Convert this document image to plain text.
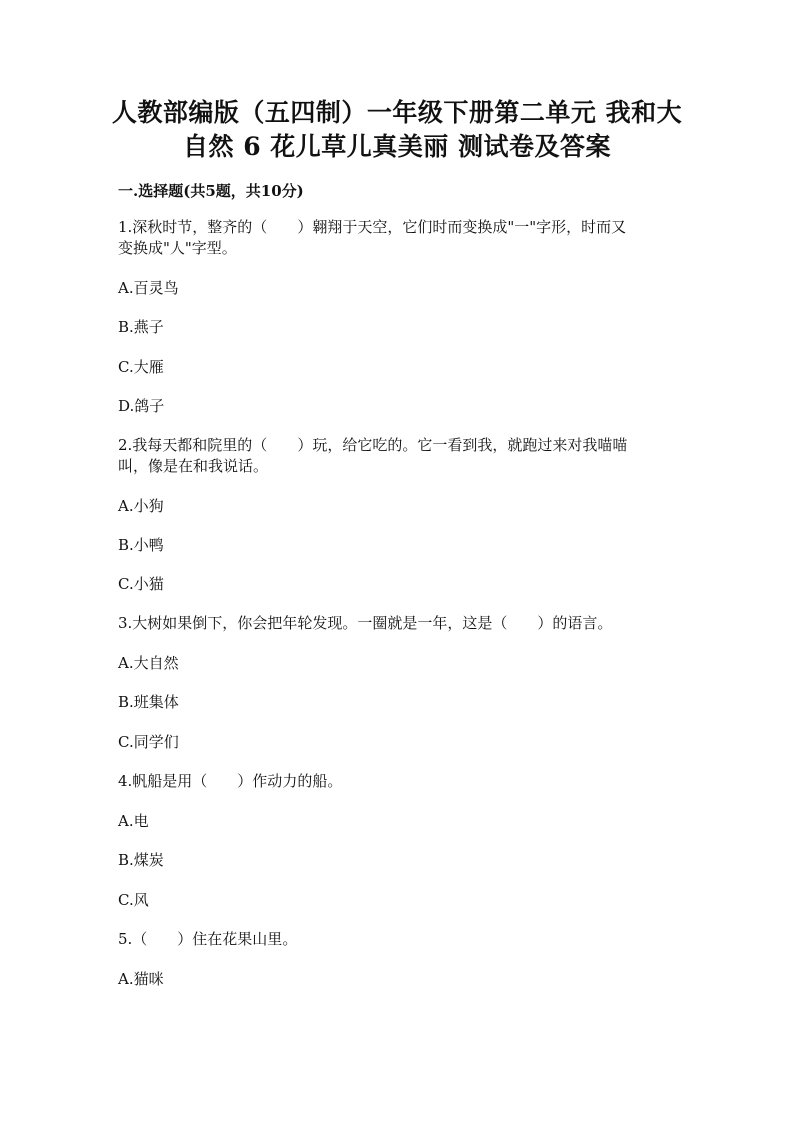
人教部编版（五四制）一年级下册第二单元 我和大
自然 6 花儿草儿真美丽 测试卷及答案
一.选择题(共5题，共10分)
1.深秋时节，整齐的（　　）翱翔于天空，它们时而变换成"一"字形，时而又
变换成"人"字型。
A.百灵鸟
B.燕子
C.大雁
D.鸽子
2.我每天都和院里的（　　）玩，给它吃的。它一看到我，就跑过来对我喵喵
叫，像是在和我说话。
A.小狗
B.小鸭
C.小猫
3.大树如果倒下，你会把年轮发现。一圈就是一年，这是（　　）的语言。
A.大自然
B.班集体
C.同学们
4.帆船是用（　　）作动力的船。
A.电
B.煤炭
C.风
5.（　　）住在花果山里。
A.猫咪
